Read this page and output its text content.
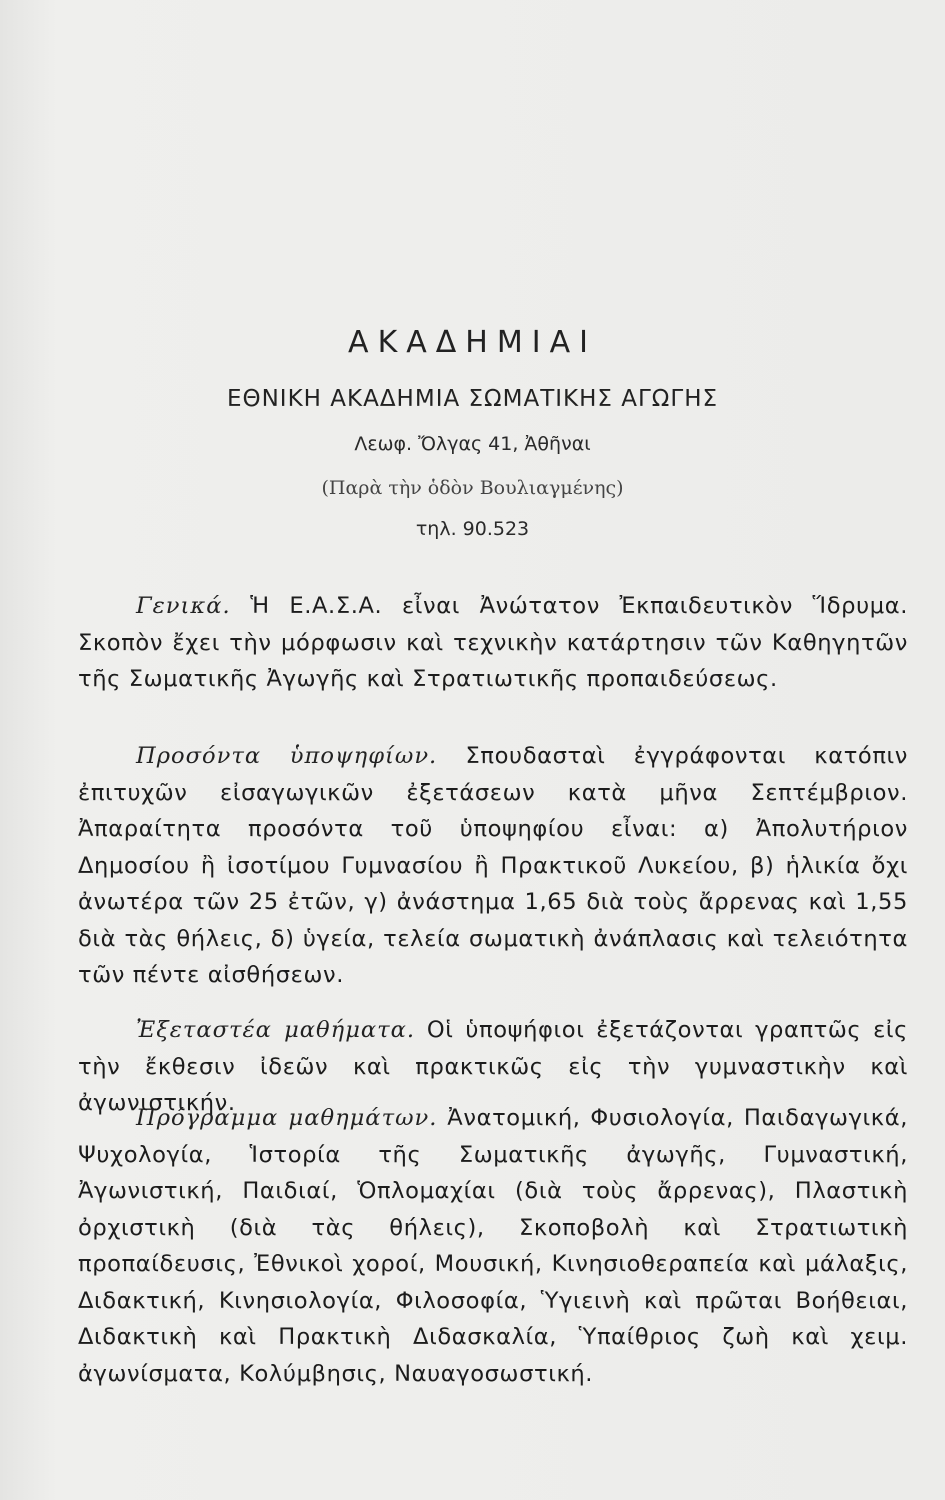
ΑΚΑΔΗΜΙΑΙ
ΕΘΝΙΚΗ ΑΚΑΔΗΜΙΑ ΣΩΜΑΤΙΚΗΣ ΑΓΩΓΗΣ
Λεωφ. Ὄλγας 41, Ἀθῆναι
(Παρὰ τὴν ὁδὸν Βουλιαγμένης)
τηλ. 90.523

Γενικά. Ἡ Ε.Α.Σ.Α. εἶναι Ἀνώτατον Ἐκπαιδευτικὸν Ἵδρυμα. Σκοπὸν ἔχει τὴν μόρφωσιν καὶ τεχνικὴν κατάρτησιν τῶν Καθηγητῶν τῆς Σωματικῆς Ἀγωγῆς καὶ Στρατιωτικῆς προπαιδεύσεως.

Προσόντα ὑποψηφίων. Σπουδασταὶ ἐγγράφονται κατόπιν ἐπιτυχῶν εἰσαγωγικῶν ἐξετάσεων κατὰ μῆνα Σεπτέμβριον. Ἀπαραίτητα προσόντα τοῦ ὑποψηφίου εἶναι: α) Ἀπολυτήριον Δημοσίου ἢ ἰσοτίμου Γυμνασίου ἢ Πρακτικοῦ Λυκείου, β) ἡλικία ὄχι ἀνωτέρα τῶν 25 ἐτῶν, γ) ἀνάστημα 1,65 διὰ τοὺς ἄρρενας καὶ 1,55 διὰ τὰς θήλεις, δ) ὑγεία, τελεία σωματικὴ ἀνάπλασις καὶ τελειότητα τῶν πέντε αἰσθήσεων.

Ἐξεταστέα μαθήματα. Οἱ ὑποψήφιοι ἐξετάζονται γραπτῶς εἰς τὴν ἔκθεσιν ἰδεῶν καὶ πρακτικῶς εἰς τὴν γυμναστικὴν καὶ ἀγωνιστικήν.

Πρόγραμμα μαθημάτων. Ἀνατομική, Φυσιολογία, Παιδαγωγικά, Ψυχολογία, Ἱστορία τῆς Σωματικῆς ἀγωγῆς, Γυμναστική, Ἀγωνιστική, Παιδιαί, Ὁπλομαχίαι (διὰ τοὺς ἄρρενας), Πλαστικὴ ὀρχιστικὴ (διὰ τὰς θήλεις), Σκοποβολὴ καὶ Στρατιωτικὴ προπαίδευσις, Ἐθνικοὶ χοροί, Μουσική, Κινησιοθεραπεία καὶ μάλαξις, Διδακτική, Κινησιολογία, Φιλοσοφία, Ὑγιεινὴ καὶ πρῶται Βοήθειαι, Διδακτικὴ καὶ Πρακτικὴ Διδασκαλία, Ὑπαίθριος ζωὴ καὶ χειμ. ἀγωνίσματα, Κολύμβησις, Ναυαγοσωστική.
